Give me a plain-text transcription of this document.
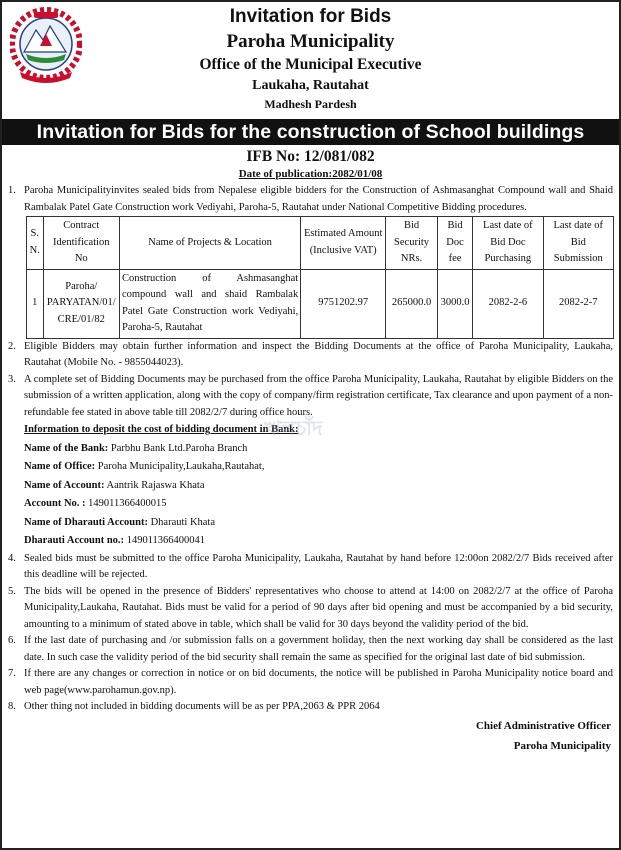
Invitation for Bids
Paroha Municipality
Office of the Municipal Executive
Laukaha, Rautahat
Madhesh Pardesh
Invitation for Bids for the construction of School buildings
IFB No: 12/081/082
Date of publication:2082/01/08
1. Paroha Municipalityinvites sealed bids from Nepalese eligible bidders for the Construction of Ashmasanghat Compound wall and Shaid Rambalak Patel Gate Construction work Vediyahi, Paroha-5, Rautahat under National Competitive Bidding procedures.
S. N.	Contract Identification No	Name of Projects & Location	Estimated Amount (Inclusive VAT)	Bid Security NRs.	Bid Doc fee	Last date of Bid Doc Purchasing	Last date of Bid Submission
1	Paroha/ PARYATAN/01/ CRE/01/82	Construction of Ashmasanghat compound wall and shaid Rambalak Patel Gate Construction work Vediyahi, Paroha-5, Rautahat	9751202.97	265000.0	3000.0	2082-2-6	2082-2-7
2. Eligible Bidders may obtain further information and inspect the Bidding Documents at the office of Paroha Municipality, Laukaha, Rautahat (Mobile No. - 9855044023).
3. A complete set of Bidding Documents may be purchased from the office Paroha Municipality, Laukaha, Rautahat by eligible Bidders on the submission of a written application, along with the copy of company/firm registration certificate, Tax clearance and upon payment of a non-refundable fee stated in above table till 2082/2/7 during office hours.
Information to deposit the cost of bidding document in Bank:
Name of the Bank: Parbhu Bank Ltd.Paroha Branch
Name of Office: Paroha Municipality,Laukaha,Rautahat,
Name of Account: Aantrik Rajaswa Khata
Account No. : 149011366400015
Name of Dharauti Account: Dharauti Khata
Dharauti Account no.: 149011366400041
4. Sealed bids must be submitted to the office Paroha Municipality, Laukaha, Rautahat by hand before 12:00on 2082/2/7 Bids received after this deadline will be rejected.
5. The bids will be opened in the presence of Bidders' representatives who choose to attend at 14:00 on 2082/2/7 at the office of Paroha Municipality,Laukaha, Rautahat. Bids must be valid for a period of 90 days after bid opening and must be accompanied by a bid security, amounting to a minimum of stated above in table, which shall be valid for 30 days beyond the validity period of the bid.
6. If the last date of purchasing and /or submission falls on a government holiday, then the next working day shall be considered as the last date. In such case the validity period of the bid security shall remain the same as specified for the original last date of bid submission.
7. If there are any changes or correction in notice or on bid documents, the notice will be published in Paroha Municipality notice board and web page(www.parohamun.gov.np).
8. Other thing not included in bidding documents will be as per PPA,2063 & PPR 2064
Chief Administrative Officer
Paroha Municipality
ঋলচাঁদ
